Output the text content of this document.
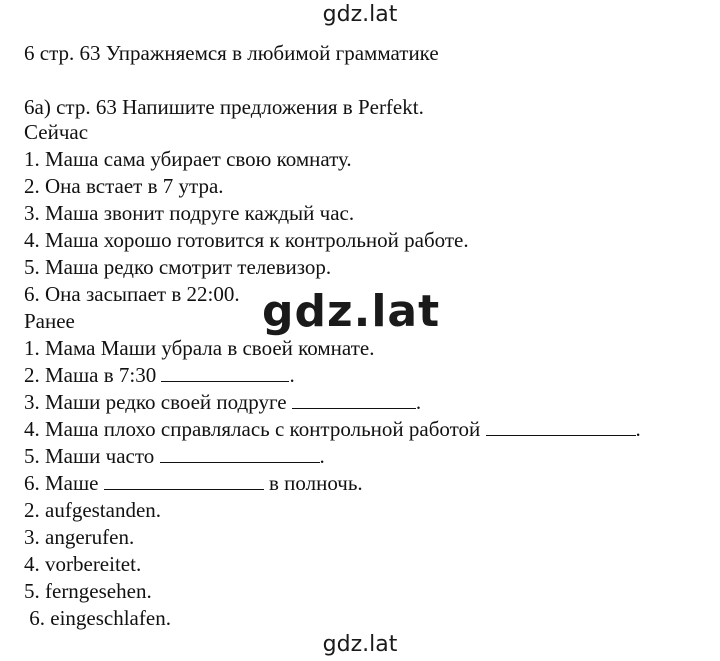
gdz.lat
6 стр. 63 Упражняемся в любимой грамматике
6а) стр. 63 Напишите предложения в Perfekt.
Сейчас
1. Маша сама убирает свою комнату.
2. Она встает в 7 утра.
3. Маша звонит подруге каждый час.
4. Маша хорошо готовится к контрольной работе.
5. Маша редко смотрит телевизор.
6. Она засыпает в 22:00.
Ранее
1. Мама Маши убрала в своей комнате.
2. Маша в 7:30	.
3. Маши редко своей подруге	.
4. Маша плохо справлялась с контрольной работой	.
5. Маши часто	.
6. Маше	в полночь.
2. aufgestanden.
3. angerufen.
4. vorbereitet.
5. ferngesehen.
6. eingeschlafen.
gdz.lat
gdz.lat
